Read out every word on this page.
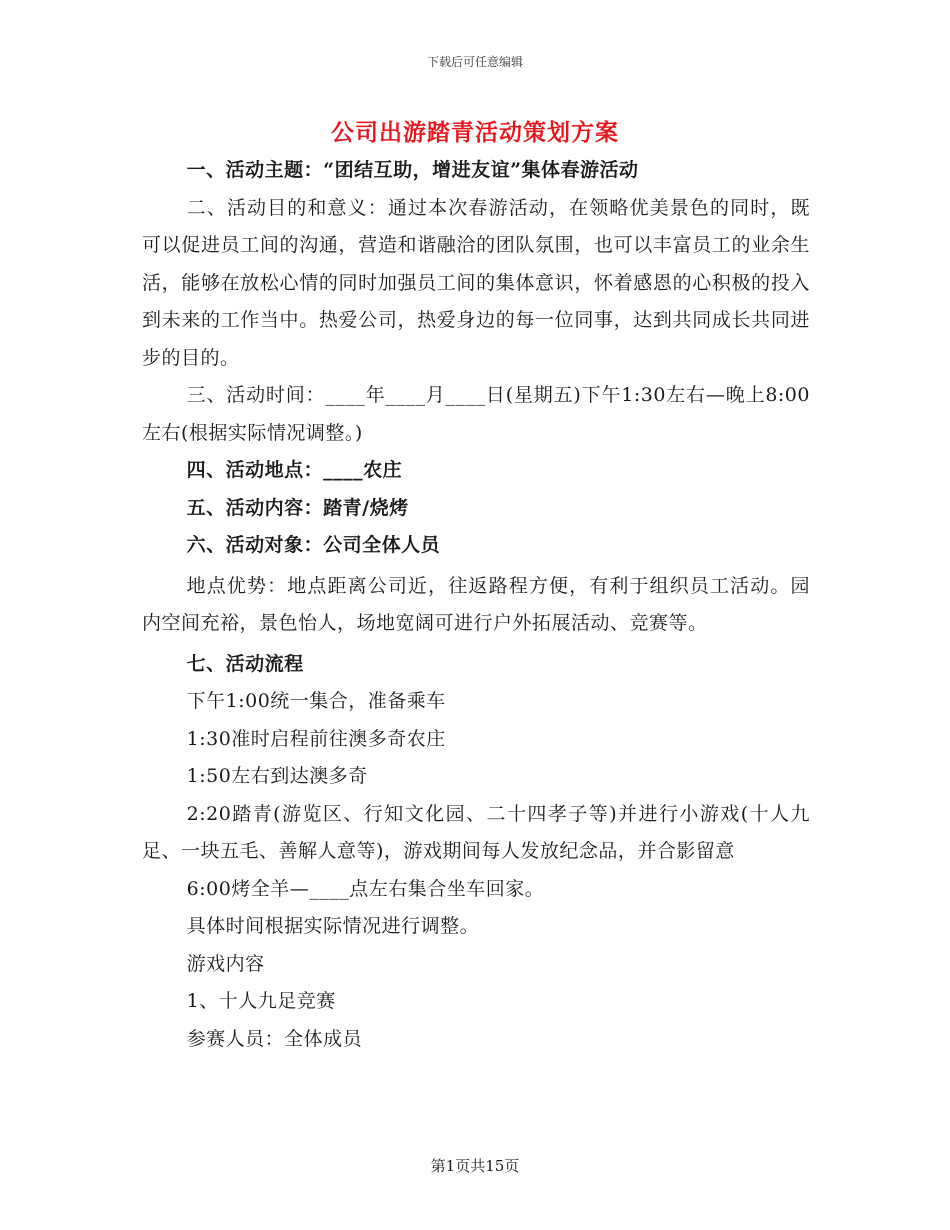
下载后可任意编辑
公司出游踏青活动策划方案

一、活动主题：“团结互助，增进友谊”集体春游活动

二、活动目的和意义：通过本次春游活动，在领略优美景色的同时，既可以促进员工间的沟通，营造和谐融洽的团队氛围，也可以丰富员工的业余生活，能够在放松心情的同时加强员工间的集体意识，怀着感恩的心积极的投入到未来的工作当中。热爱公司，热爱身边的每一位同事，达到共同成长共同进步的目的。

三、活动时间：____年____月____日(星期五)下午1:30左右—晚上8:00左右(根据实际情况调整。)

四、活动地点：____农庄

五、活动内容：踏青/烧烤

六、活动对象：公司全体人员

地点优势：地点距离公司近，往返路程方便，有利于组织员工活动。园内空间充裕，景色怡人，场地宽阔可进行户外拓展活动、竞赛等。

七、活动流程

下午1:00统一集合，准备乘车

1:30准时启程前往澳多奇农庄

1:50左右到达澳多奇

2:20踏青(游览区、行知文化园、二十四孝子等)并进行小游戏(十人九足、一块五毛、善解人意等)，游戏期间每人发放纪念品，并合影留意

6:00烤全羊—____点左右集合坐车回家。

具体时间根据实际情况进行调整。

游戏内容

1、十人九足竞赛

参赛人员：全体成员

第1页共15页
